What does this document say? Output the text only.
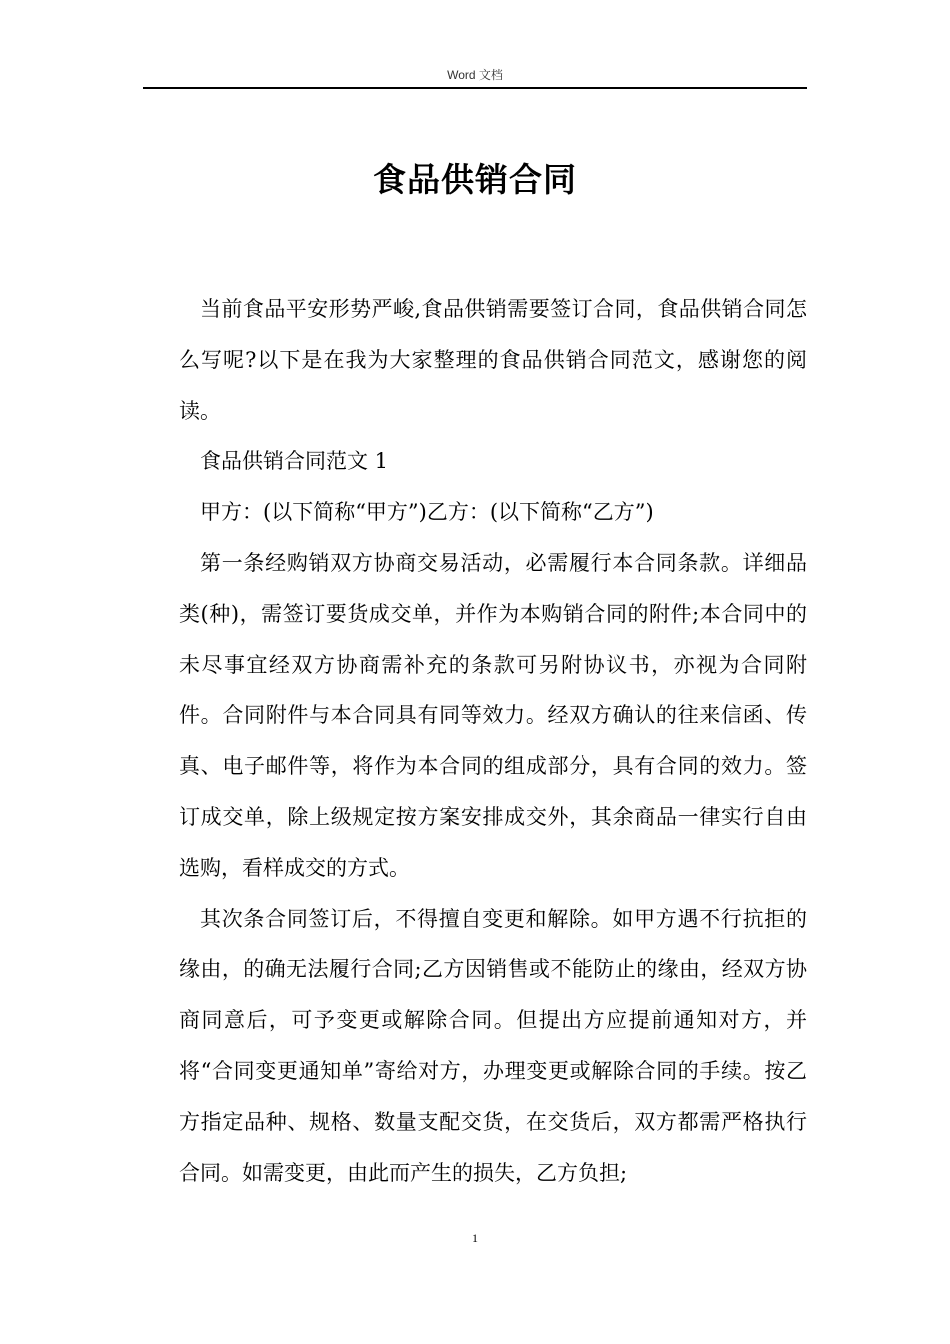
Word 文档
食品供销合同

当前食品平安形势严峻,食品供销需要签订合同，食品供销合同怎么写呢?以下是在我为大家整理的食品供销合同范文，感谢您的阅读。

食品供销合同范文 1

甲方：(以下简称“甲方”)乙方：(以下简称“乙方”)

第一条经购销双方协商交易活动，必需履行本合同条款。详细品类(种)，需签订要货成交单，并作为本购销合同的附件;本合同中的未尽事宜经双方协商需补充的条款可另附协议书，亦视为合同附件。合同附件与本合同具有同等效力。经双方确认的往来信函、传真、电子邮件等，将作为本合同的组成部分，具有合同的效力。签订成交单，除上级规定按方案安排成交外，其余商品一律实行自由选购，看样成交的方式。

其次条合同签订后，不得擅自变更和解除。如甲方遇不行抗拒的缘由，的确无法履行合同;乙方因销售或不能防止的缘由，经双方协商同意后，可予变更或解除合同。但提出方应提前通知对方，并将“合同变更通知单”寄给对方，办理变更或解除合同的手续。按乙方指定品种、规格、数量支配交货，在交货后，双方都需严格执行合同。如需变更，由此而产生的损失，乙方负担;

1
